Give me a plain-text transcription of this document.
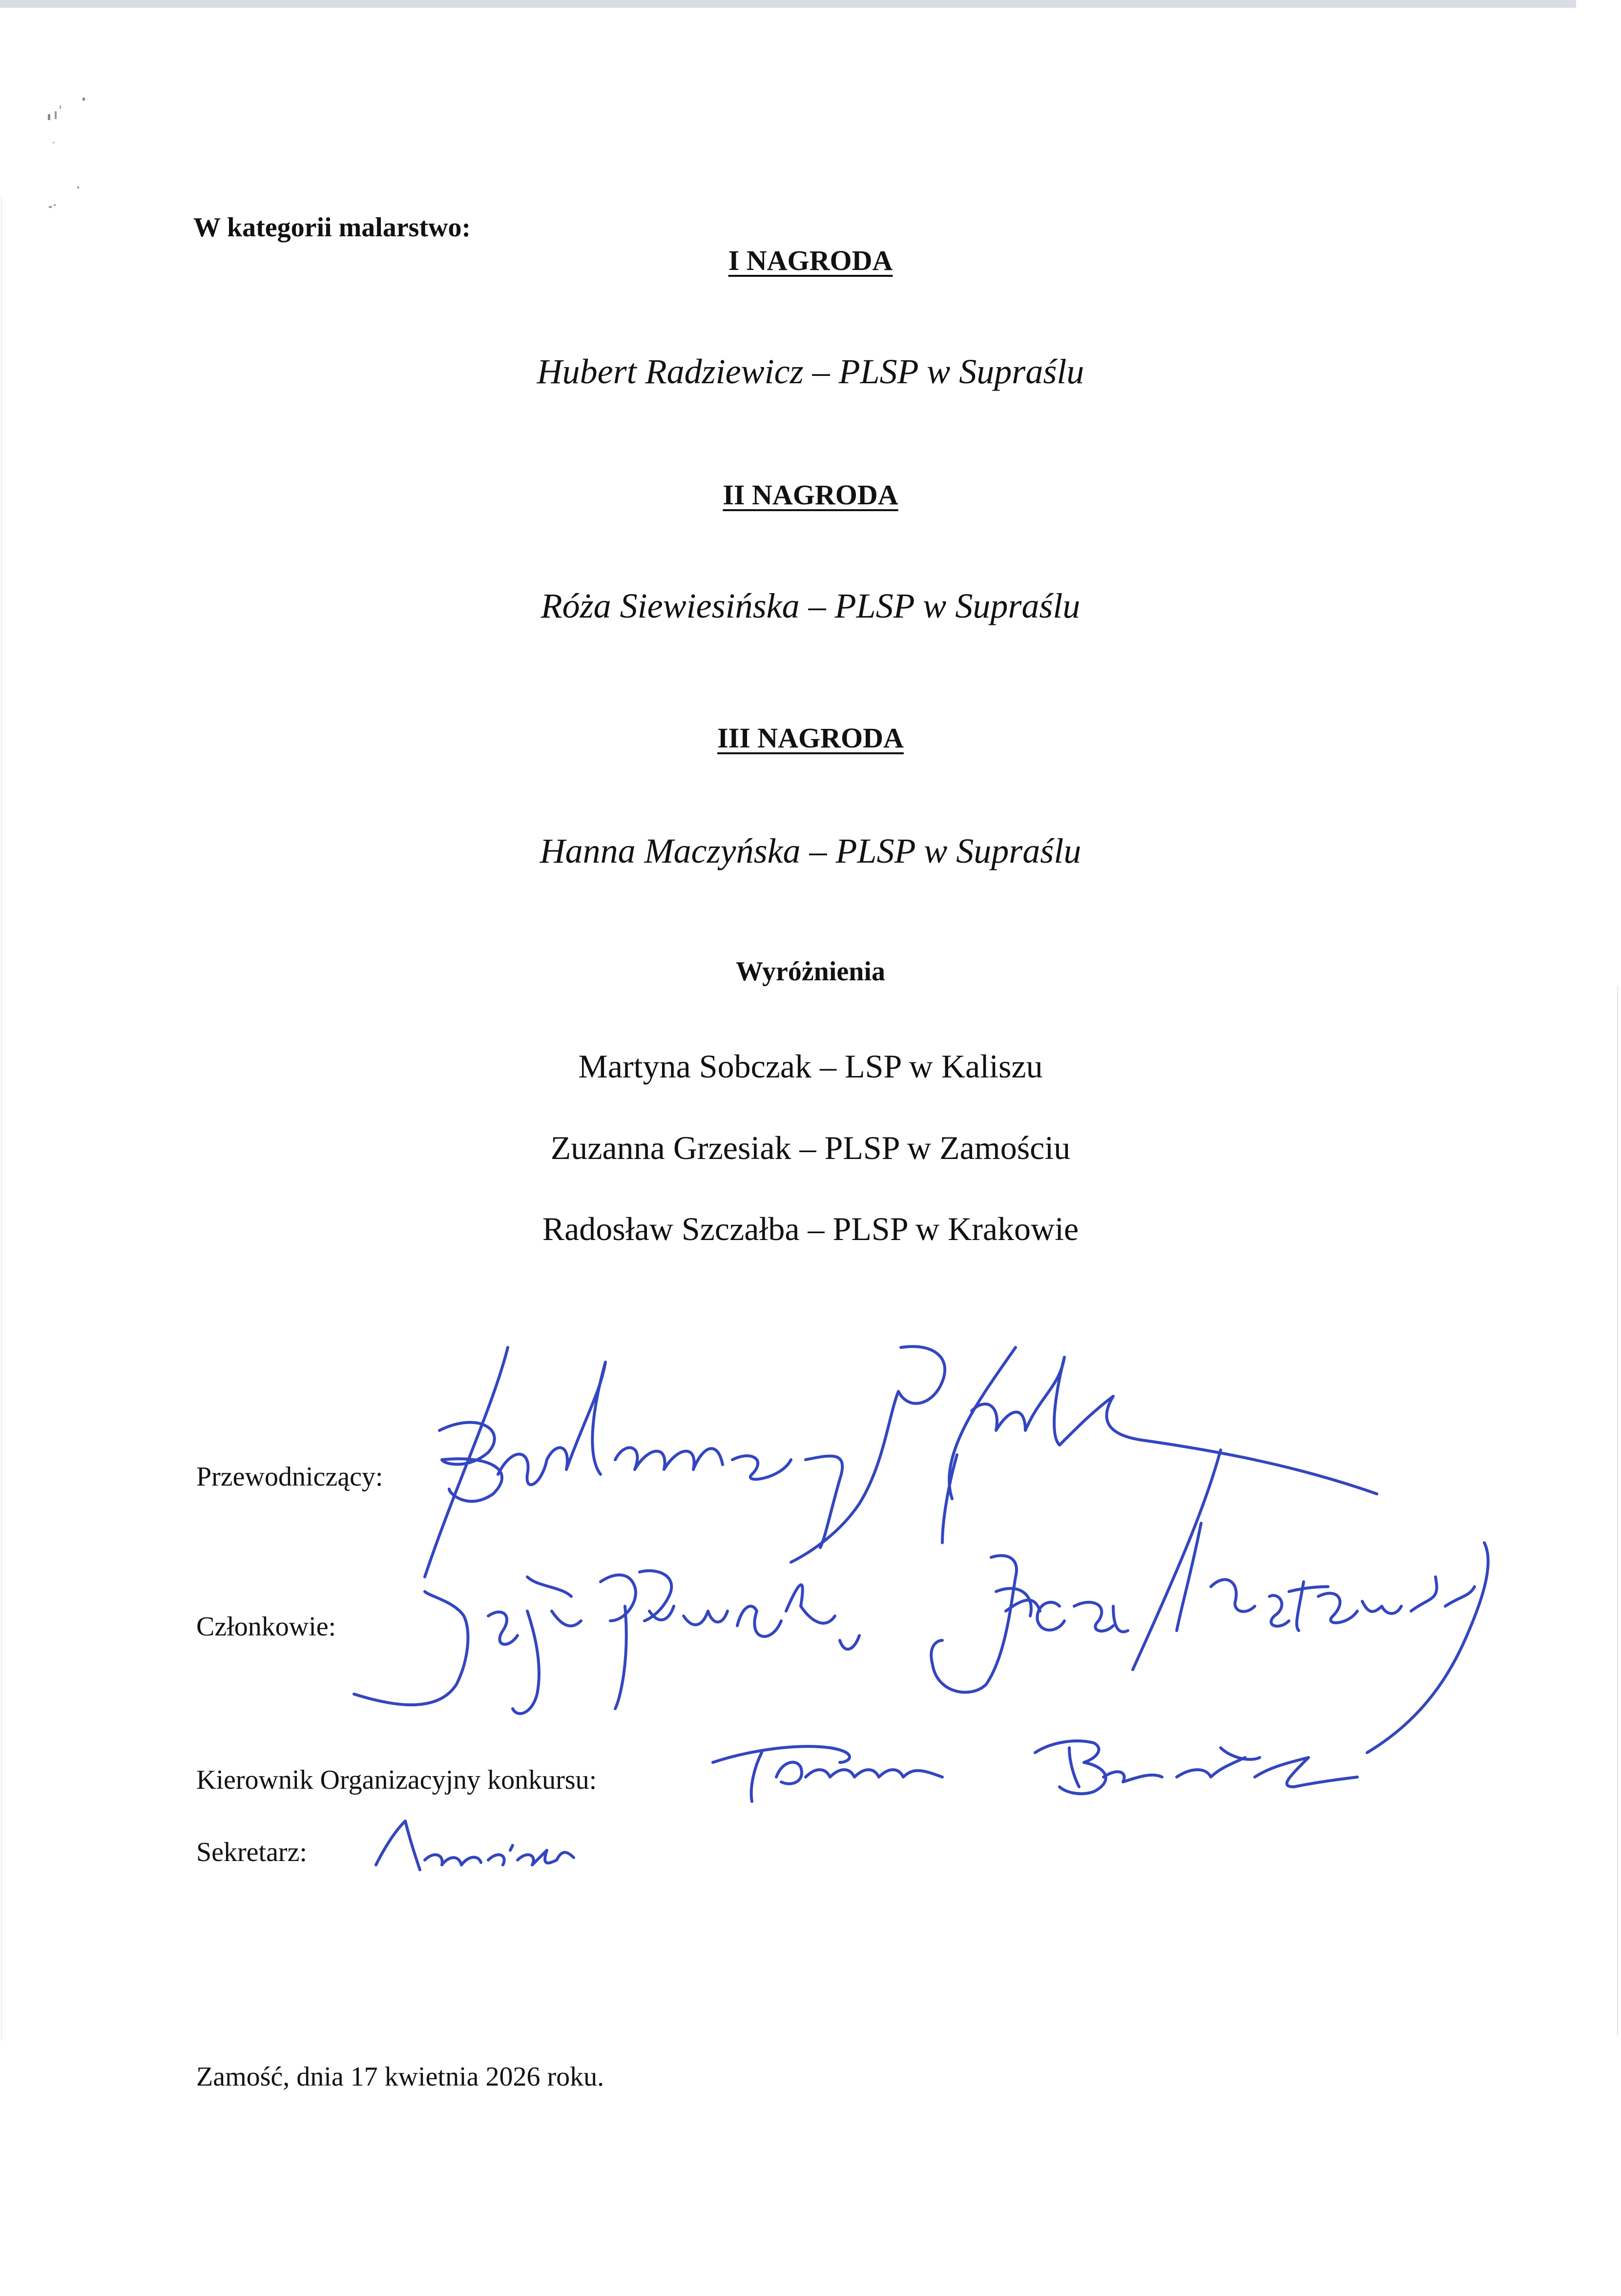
W kategorii malarstwo:
I NAGRODA
Hubert Radziewicz – PLSP w Supraślu
II NAGRODA
Róża Siewiesińska – PLSP w Supraślu
III NAGRODA
Hanna Maczyńska – PLSP w Supraślu
Wyróżnienia
Martyna Sobczak – LSP w Kaliszu
Zuzanna Grzesiak – PLSP w Zamościu
Radosław Szczałba – PLSP w Krakowie
Przewodniczący:
Członkowie:
Kierownik Organizacyjny konkursu:
Sekretarz:
Zamość, dnia 17 kwietnia 2026 roku.
